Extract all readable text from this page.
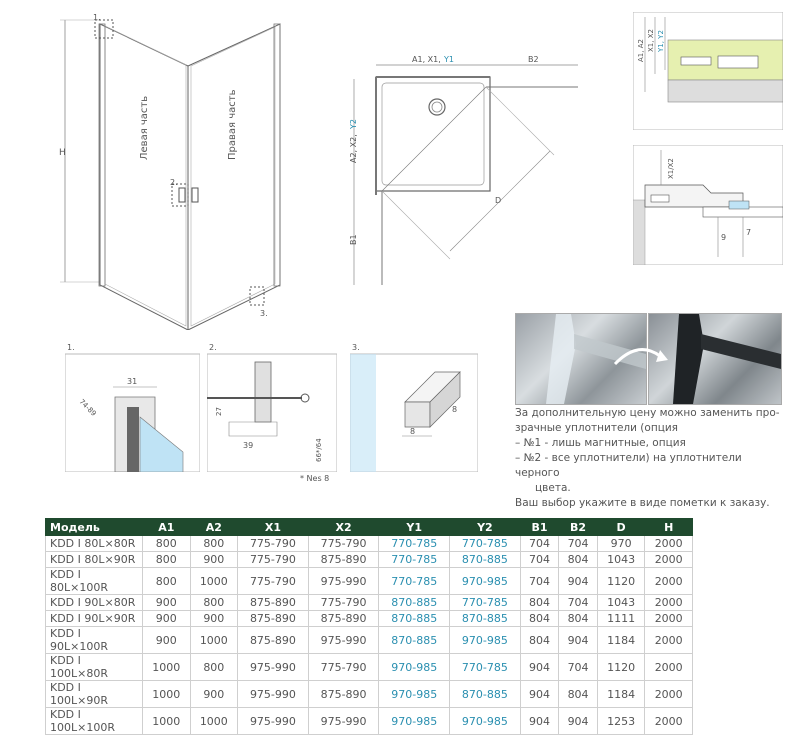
H
1.
2.
3.
Левая часть	Правая часть
A1, X1, Y1	B2
A2, X2,
Y2
B1
D
A1, A2 X1, X2 Y1, Y2
X1/X2
9
7
1.
31
74-89
2.
27
39	66*/64
3.
8
8
* Nes 8
За дополнительную цену можно заменить про-
зрачные уплотнители (опция
– №1 - лишь магнитные, опция
– №2 - все уплотнители) на уплотнители черного
цвета.
Ваш выбор укажите в виде пометки к заказу.
Модель	A1	A2	X1	X2	Y1	Y2	B1	B2	D	H
KDD I 80L×80R	800	800	775-790	775-790	770-785	770-785	704	704	970	2000
KDD I 80L×90R	800	900	775-790	875-890	770-785	870-885	704	804	1043	2000
KDD I 80L×100R	800	1000	775-790	975-990	770-785	970-985	704	904	1120	2000
KDD I 90L×80R	900	800	875-890	775-790	870-885	770-785	804	704	1043	2000
KDD I 90L×90R	900	900	875-890	875-890	870-885	870-885	804	804	1111	2000
KDD I 90L×100R	900	1000	875-890	975-990	870-885	970-985	804	904	1184	2000
KDD I 100L×80R	1000	800	975-990	775-790	970-985	770-785	904	704	1120	2000
KDD I 100L×90R	1000	900	975-990	875-890	970-985	870-885	904	804	1184	2000
KDD I 100L×100R	1000	1000	975-990	975-990	970-985	970-985	904	904	1253	2000
